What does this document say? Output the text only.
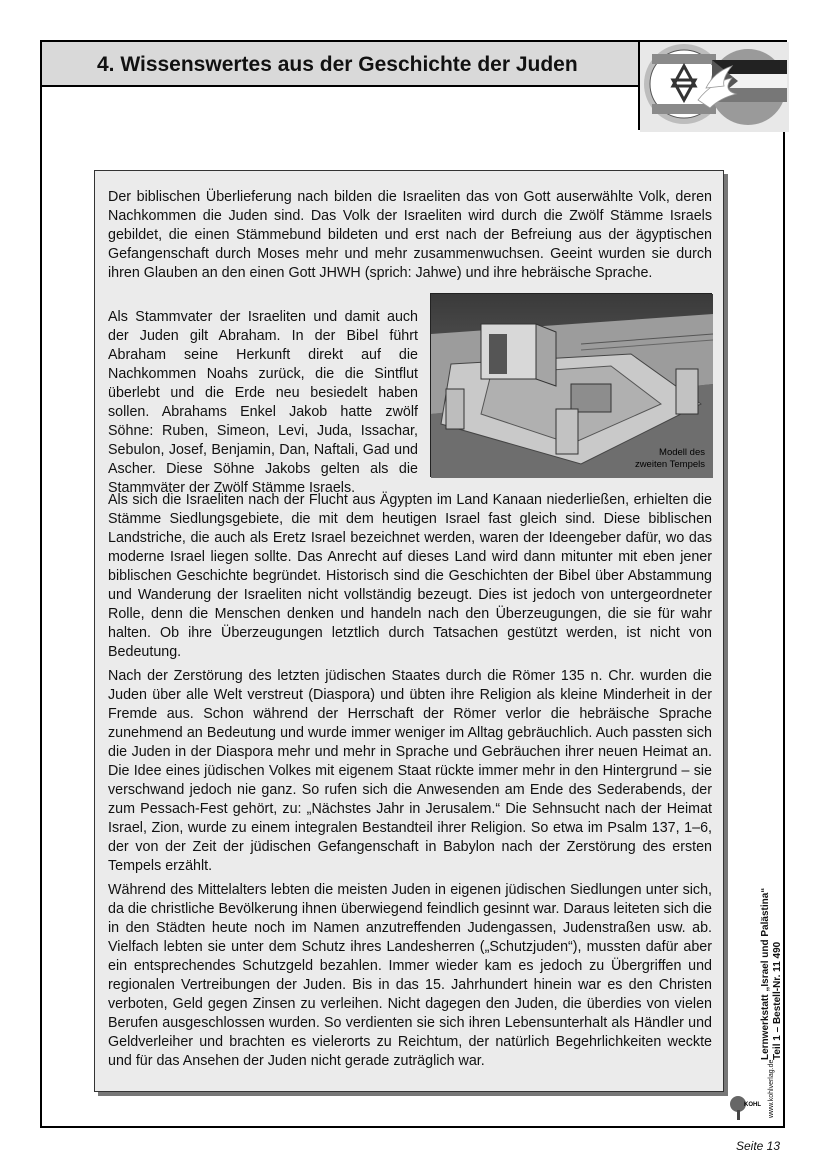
4. Wissenswertes aus der Geschichte der Juden

Der biblischen Überlieferung nach bilden die Israeliten das von Gott auserwählte Volk, deren Nachkommen die Juden sind. Das Volk der Israeliten wird durch die Zwölf Stämme Israels gebildet, die einen Stämmebund bildeten und erst nach der Befreiung aus der ägyptischen Gefangenschaft durch Moses mehr und mehr zusammenwuchsen. Geeint wurden sie durch ihren Glauben an den einen Gott JHWH (sprich: Jahwe) und ihre hebräische Sprache.

Als Stammvater der Israeliten und damit auch der Juden gilt Abraham. In der Bibel führt Abraham seine Herkunft direkt auf die Nachkommen Noahs zurück, die die Sintflut überlebt und die Erde neu besiedelt haben sollen. Abrahams Enkel Jakob hatte zwölf Söhne: Ruben, Simeon, Levi, Juda, Issachar, Sebulon, Josef, Benjamin, Dan, Naftali, Gad und Ascher. Diese Söhne Jakobs gelten als die Stammväter der Zwölf Stämme Israels.

Modell des
zweiten Tempels

Als sich die Israeliten nach der Flucht aus Ägypten im Land Kanaan niederließen, erhielten die Stämme Siedlungsgebiete, die mit dem heutigen Israel fast gleich sind. Diese biblischen Landstriche, die auch als Eretz Israel bezeichnet werden, waren der Ideengeber dafür, wo das moderne Israel liegen sollte. Das Anrecht auf dieses Land wird dann mitunter mit eben jener biblischen Geschichte begründet. Historisch sind die Geschichten der Bibel über Abstammung und Wanderung der Israeliten nicht vollständig bezeugt. Dies ist jedoch von untergeordneter Rolle, denn die Menschen denken und handeln nach den Überzeugungen, die sie für wahr halten. Ob ihre Überzeugungen letztlich durch Tatsachen gestützt werden, ist nicht von Bedeutung.

Nach der Zerstörung des letzten jüdischen Staates durch die Römer 135 n. Chr. wurden die Juden über alle Welt verstreut (Diaspora) und übten ihre Religion als kleine Minderheit in der Fremde aus. Schon während der Herrschaft der Römer verlor die hebräische Sprache zunehmend an Bedeutung und wurde immer weniger im Alltag gebräuchlich. Auch passten sich die Juden in der Diaspora mehr und mehr in Sprache und Gebräuchen ihrer neuen Heimat an. Die Idee eines jüdischen Volkes mit eigenem Staat rückte immer mehr in den Hintergrund – sie verschwand jedoch nie ganz. So rufen sich die Anwesenden am Ende des Sederabends, der zum Pessach-Fest gehört, zu: „Nächstes Jahr in Jerusalem.“ Die Sehnsucht nach der Heimat Israel, Zion, wurde zu einem integralen Bestandteil ihrer Religion. So etwa im Psalm 137, 1–6, der von der Zeit der jüdischen Gefangenschaft in Babylon nach der Zerstörung des ersten Tempels erzählt.

Während des Mittelalters lebten die meisten Juden in eigenen jüdischen Siedlungen unter sich, da die christliche Bevölkerung ihnen überwiegend feindlich gesinnt war. Daraus leiteten sich die in den Städten heute noch im Namen anzutreffenden Judengassen, Judenstraßen usw. ab. Vielfach lebten sie unter dem Schutz ihres Landesherren („Schutzjuden“), mussten dafür aber ein entsprechendes Schutzgeld bezahlen. Immer wieder kam es jedoch zu Übergriffen und regionalen Vertreibungen der Juden. Bis in das 15. Jahrhundert hinein war es den Christen verboten, Geld gegen Zinsen zu verleihen. Nicht dagegen den Juden, die überdies von vielen Berufen ausgeschlossen wurden. So verdienten sie sich ihren Lebensunterhalt als Händler und Geldverleiher und brachten es vielerorts zu Reichtum, der natürlich Begehrlichkeiten weckte und für das Ansehen der Juden nicht gerade zuträglich war.

Lernwerkstatt „Israel und Palästina“ Teil 1 – Bestell-Nr. 11 490
www.kohlverlag.de
KOHL
Seite 13
